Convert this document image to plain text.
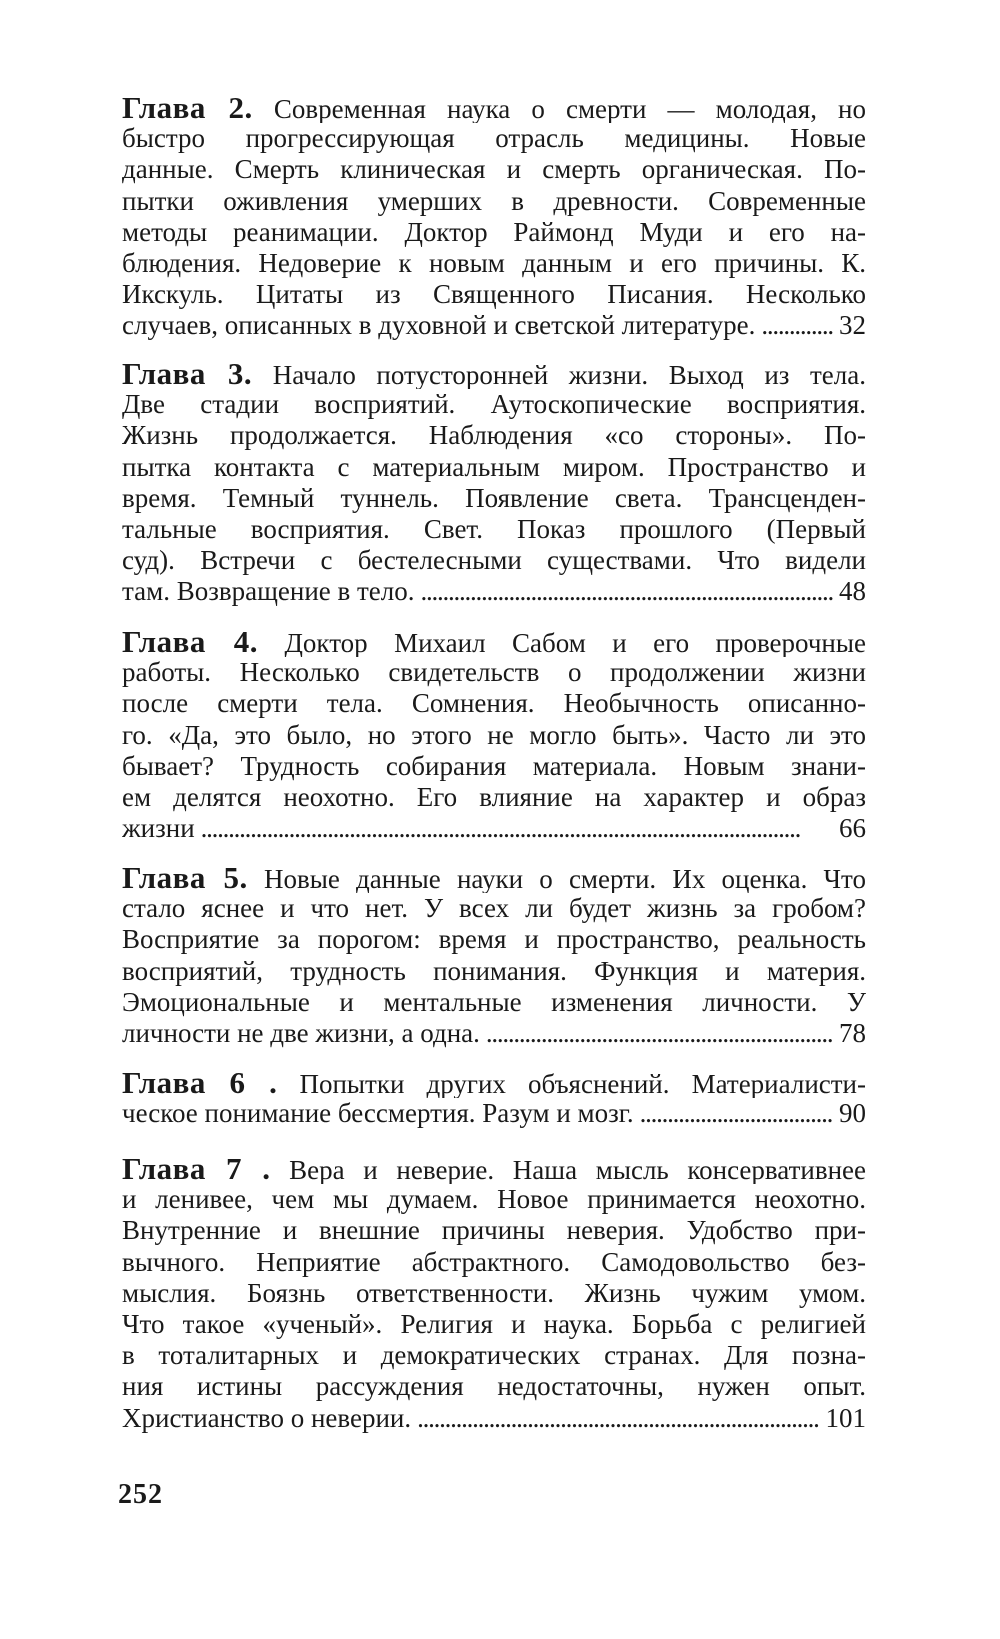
Глава 2. Современная наука о смерти — молодая, но
быстро прогрессирующая отрасль медицины. Новые
данные. Смерть клиническая и смерть органическая. По-
пытки оживления умерших в древности. Современные
методы реанимации. Доктор Раймонд Муди и его на-
блюдения. Недоверие к новым данным и его причины. К.
Икскуль. Цитаты из Священного Писания. Несколько
случаев, описанных в духовной и светской литературе. . . .	32
Глава 3. Начало потусторонней жизни. Выход из тела.
Две стадии восприятий. Аутоскопические восприятия.
Жизнь продолжается. Наблюдения «со стороны». По-
пытка контакта с материальным миром. Пространство и
время. Темный туннель. Появление света. Трансценден-
тальные восприятия. Свет. Показ прошлого (Первый
суд). Встречи с бестелесными существами. Что видели
там. Возвращение в тело. . . .	48
Глава 4. Доктор Михаил Сабом и его проверочные
работы. Несколько свидетельств о продолжении жизни
после смерти тела. Сомнения. Необычность описанно-
го. «Да, это было, но этого не могло быть». Часто ли это
бывает? Трудность собирания материала. Новым знани-
ем делятся неохотно. Его влияние на характер и образ
жизни . . .	66
Глава 5. Новые данные науки о смерти. Их оценка. Что
стало яснее и что нет. У всех ли будет жизнь за гробом?
Восприятие за порогом: время и пространство, реальность
восприятий, трудность понимания. Функция и материя.
Эмоциональные и ментальные изменения личности. У
личности не две жизни, а одна. . . .	78
Глава 6 . Попытки других объяснений. Материалисти-
ческое понимание бессмертия. Разум и мозг. . . .	90
Глава 7 . Вера и неверие. Наша мысль консервативнее
и ленивее, чем мы думаем. Новое принимается неохотно.
Внутренние и внешние причины неверия. Удобство при-
вычного. Неприятие абстрактного. Самодовольство без-
мыслия. Боязнь ответственности. Жизнь чужим умом.
Что такое «ученый». Религия и наука. Борьба с религией
в тоталитарных и демократических странах. Для позна-
ния истины рассуждения недостаточны, нужен опыт.
Христианство о неверии. . . .	101
252
